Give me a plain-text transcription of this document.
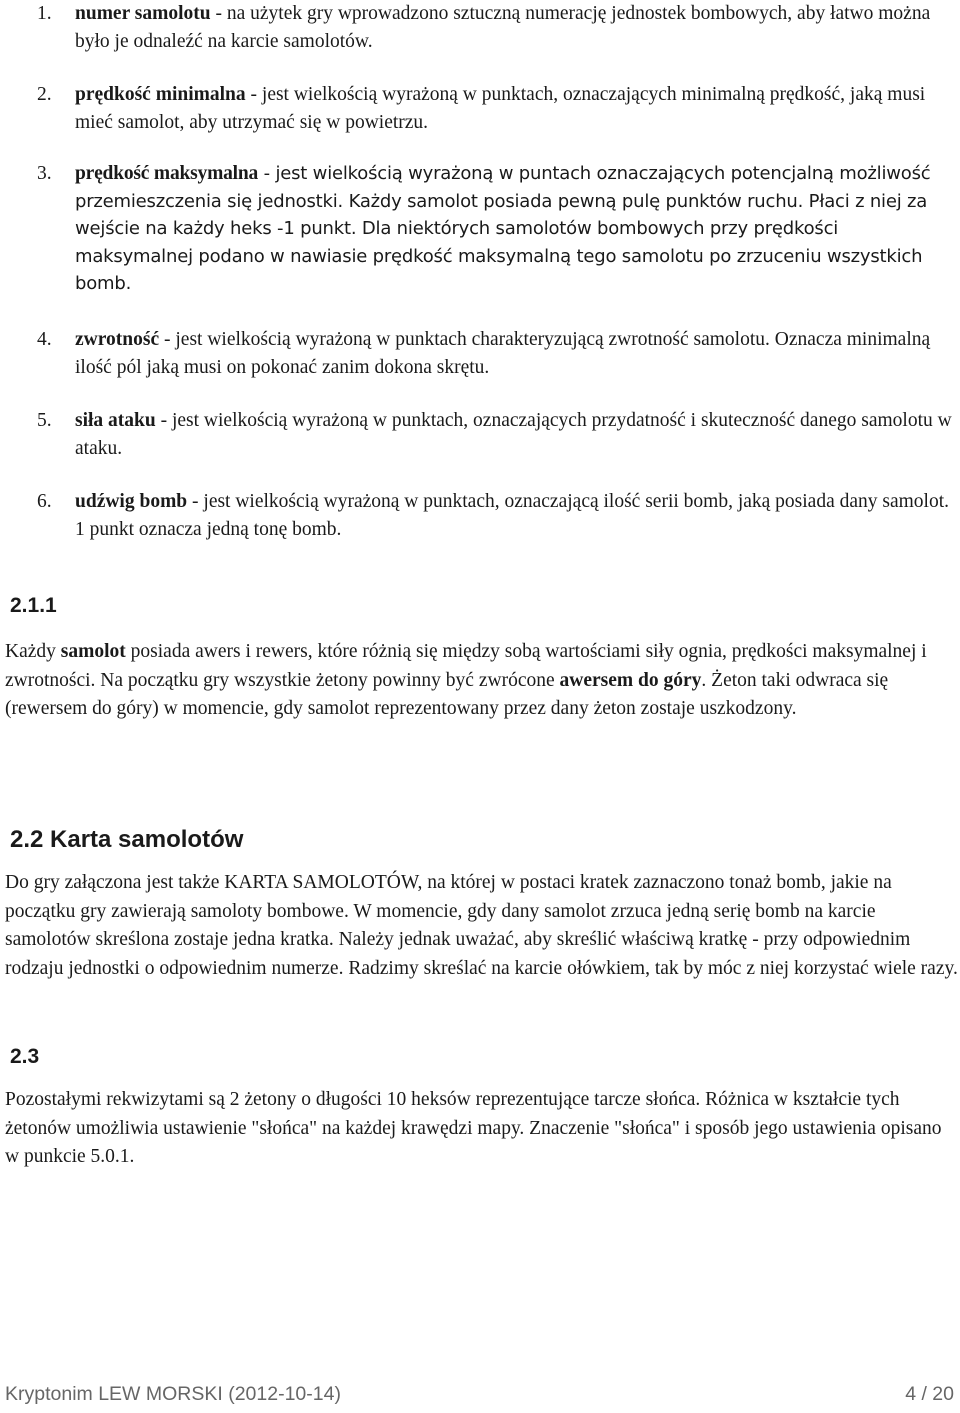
1. numer samolotu - na użytek gry wprowadzono sztuczną numerację jednostek bombowych, aby łatwo można było je odnaleźć na karcie samolotów.
2. prędkość minimalna - jest wielkością wyrażoną w punktach, oznaczających minimalną prędkość, jaką musi mieć samolot, aby utrzymać się w powietrzu.
3. prędkość maksymalna - jest wielkością wyrażoną w puntach oznaczających potencjalną możliwość przemieszczenia się jednostki. Każdy samolot posiada pewną pulę punktów ruchu. Płaci z niej za wejście na każdy heks -1 punkt. Dla niektórych samolotów bombowych przy prędkości maksymalnej podano w nawiasie prędkość maksymalną tego samolotu po zrzuceniu wszystkich bomb.
4. zwrotność - jest wielkością wyrażoną w punktach charakteryzującą zwrotność samolotu. Oznacza minimalną ilość pól jaką musi on pokonać zanim dokona skrętu.
5. siła ataku - jest wielkością wyrażoną w punktach, oznaczających przydatność i skuteczność danego samolotu w ataku.
6. udźwig bomb - jest wielkością wyrażoną w punktach, oznaczającą ilość serii bomb, jaką posiada dany samolot. 1 punkt oznacza jedną tonę bomb.
2.1.1
Każdy samolot posiada awers i rewers, które różnią się między sobą wartościami siły ognia, prędkości maksymalnej i zwrotności. Na początku gry wszystkie żetony powinny być zwrócone awersem do góry. Żeton taki odwraca się (rewersem do góry) w momencie, gdy samolot reprezentowany przez dany żeton zostaje uszkodzony.
2.2 Karta samolotów
Do gry załączona jest także KARTA SAMOLOTÓW, na której w postaci kratek zaznaczono tonaż bomb, jakie na początku gry zawierają samoloty bombowe. W momencie, gdy dany samolot zrzuca jedną serię bomb na karcie samolotów skreślona zostaje jedna kratka. Należy jednak uważać, aby skreślić właściwą kratkę - przy odpowiednim rodzaju jednostki o odpowiednim numerze. Radzimy skreślać na karcie ołówkiem, tak by móc z niej korzystać wiele razy.
2.3
Pozostałymi rekwizytami są 2 żetony o długości 10 heksów reprezentujące tarcze słońca. Różnica w kształcie tych żetonów umożliwia ustawienie "słońca" na każdej krawędzi mapy. Znaczenie "słońca" i sposób jego ustawienia opisano w punkcie 5.0.1.
Kryptonim LEW MORSKI (2012-10-14)	4 / 20
